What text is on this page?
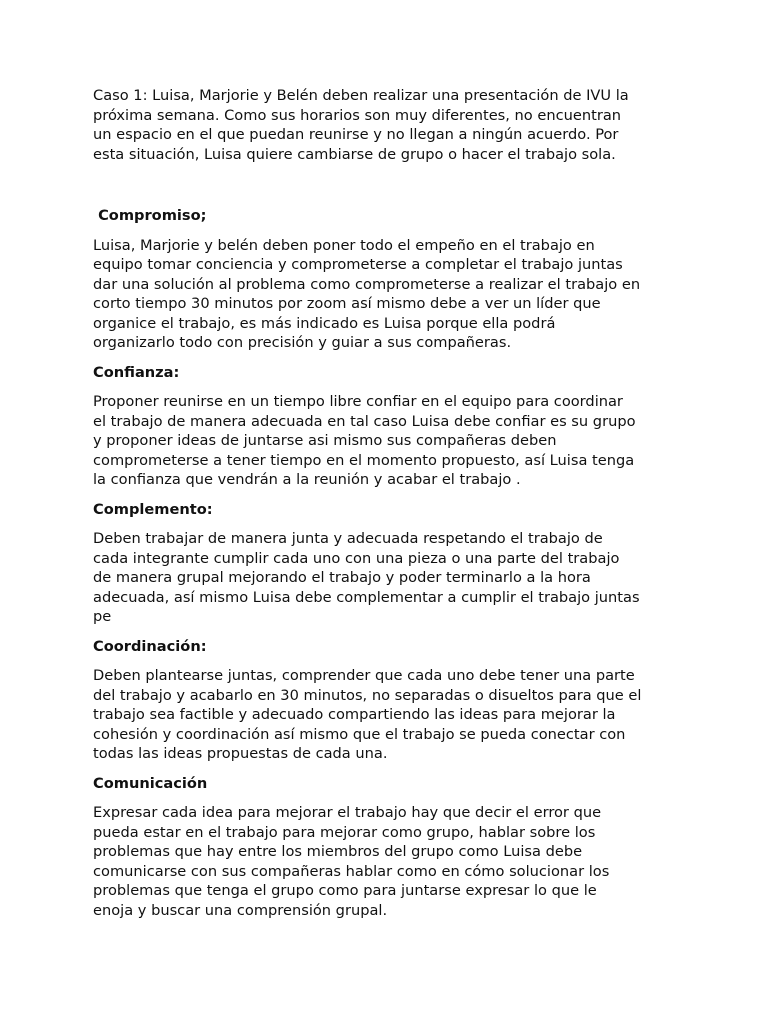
Caso 1: Luisa, Marjorie y Belén deben realizar una presentación de IVU la
próxima semana. Como sus horarios son muy diferentes, no encuentran
un espacio en el que puedan reunirse y no llegan a ningún acuerdo. Por
esta situación, Luisa quiere cambiarse de grupo o hacer el trabajo sola.

Compromiso;

Luisa, Marjorie y belén deben poner todo el empeño en el trabajo en
equipo tomar conciencia y comprometerse a completar el trabajo juntas
dar una solución al problema como comprometerse a realizar el trabajo en
corto tiempo 30 minutos por zoom así mismo debe a ver un líder que
organice el trabajo, es más indicado es Luisa porque ella podrá
organizarlo todo con precisión y guiar a sus compañeras.

Confianza:

Proponer reunirse en un tiempo libre confiar en el equipo para coordinar
el trabajo de manera adecuada en tal caso Luisa debe confiar es su grupo
y proponer ideas de juntarse asi mismo sus compañeras deben
comprometerse a tener tiempo en el momento propuesto, así Luisa tenga
la confianza que vendrán a la reunión y acabar el trabajo .

Complemento:

Deben trabajar de manera junta y adecuada respetando el trabajo de
cada integrante cumplir cada uno con una pieza o una parte del trabajo
de manera grupal mejorando el trabajo y poder terminarlo a la hora
adecuada, así mismo Luisa debe complementar a cumplir el trabajo juntas
pe

Coordinación:

Deben plantearse juntas, comprender que cada uno debe tener una parte
del trabajo y acabarlo en 30 minutos, no separadas o disueltos para que el
trabajo sea factible y adecuado compartiendo las ideas para mejorar la
cohesión y coordinación así mismo que el trabajo se pueda conectar con
todas las ideas propuestas de cada una.

Comunicación

Expresar cada idea para mejorar el trabajo hay que decir el error que
pueda estar en el trabajo para mejorar como grupo, hablar sobre los
problemas que hay entre los miembros del grupo como Luisa debe
comunicarse con sus compañeras hablar como en cómo solucionar los
problemas que tenga el grupo como para juntarse expresar lo que le
enoja y buscar una comprensión grupal.
